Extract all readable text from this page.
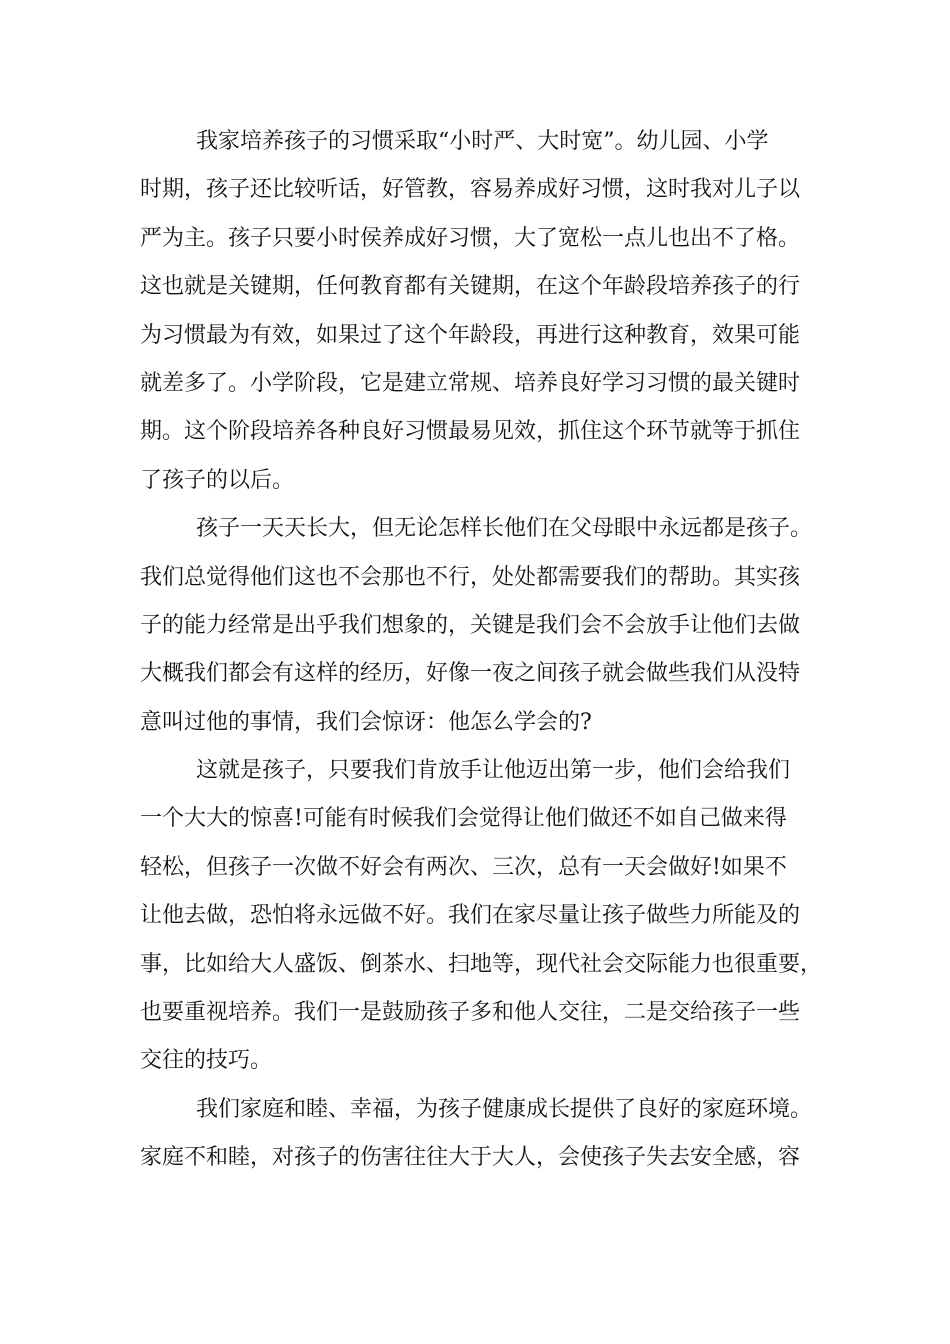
我家培养孩子的习惯采取“小时严、大时宽”。幼儿园、小学
时期，孩子还比较听话，好管教，容易养成好习惯，这时我对儿子以
严为主。孩子只要小时侯养成好习惯，大了宽松一点儿也出不了格。
这也就是关键期，任何教育都有关键期，在这个年龄段培养孩子的行
为习惯最为有效，如果过了这个年龄段，再进行这种教育，效果可能
就差多了。小学阶段，它是建立常规、培养良好学习习惯的最关键时
期。这个阶段培养各种良好习惯最易见效，抓住这个环节就等于抓住
了孩子的以后。
孩子一天天长大，但无论怎样长他们在父母眼中永远都是孩子。
我们总觉得他们这也不会那也不行，处处都需要我们的帮助。其实孩
子的能力经常是出乎我们想象的，关键是我们会不会放手让他们去做
大概我们都会有这样的经历，好像一夜之间孩子就会做些我们从没特
意叫过他的事情，我们会惊讶：他怎么学会的?
这就是孩子，只要我们肯放手让他迈出第一步，他们会给我们
一个大大的惊喜!可能有时候我们会觉得让他们做还不如自己做来得
轻松，但孩子一次做不好会有两次、三次，总有一天会做好!如果不
让他去做，恐怕将永远做不好。我们在家尽量让孩子做些力所能及的
事，比如给大人盛饭、倒茶水、扫地等，现代社会交际能力也很重要，
也要重视培养。我们一是鼓励孩子多和他人交往，二是交给孩子一些
交往的技巧。
我们家庭和睦、幸福，为孩子健康成长提供了良好的家庭环境。
家庭不和睦，对孩子的伤害往往大于大人，会使孩子失去安全感，容
